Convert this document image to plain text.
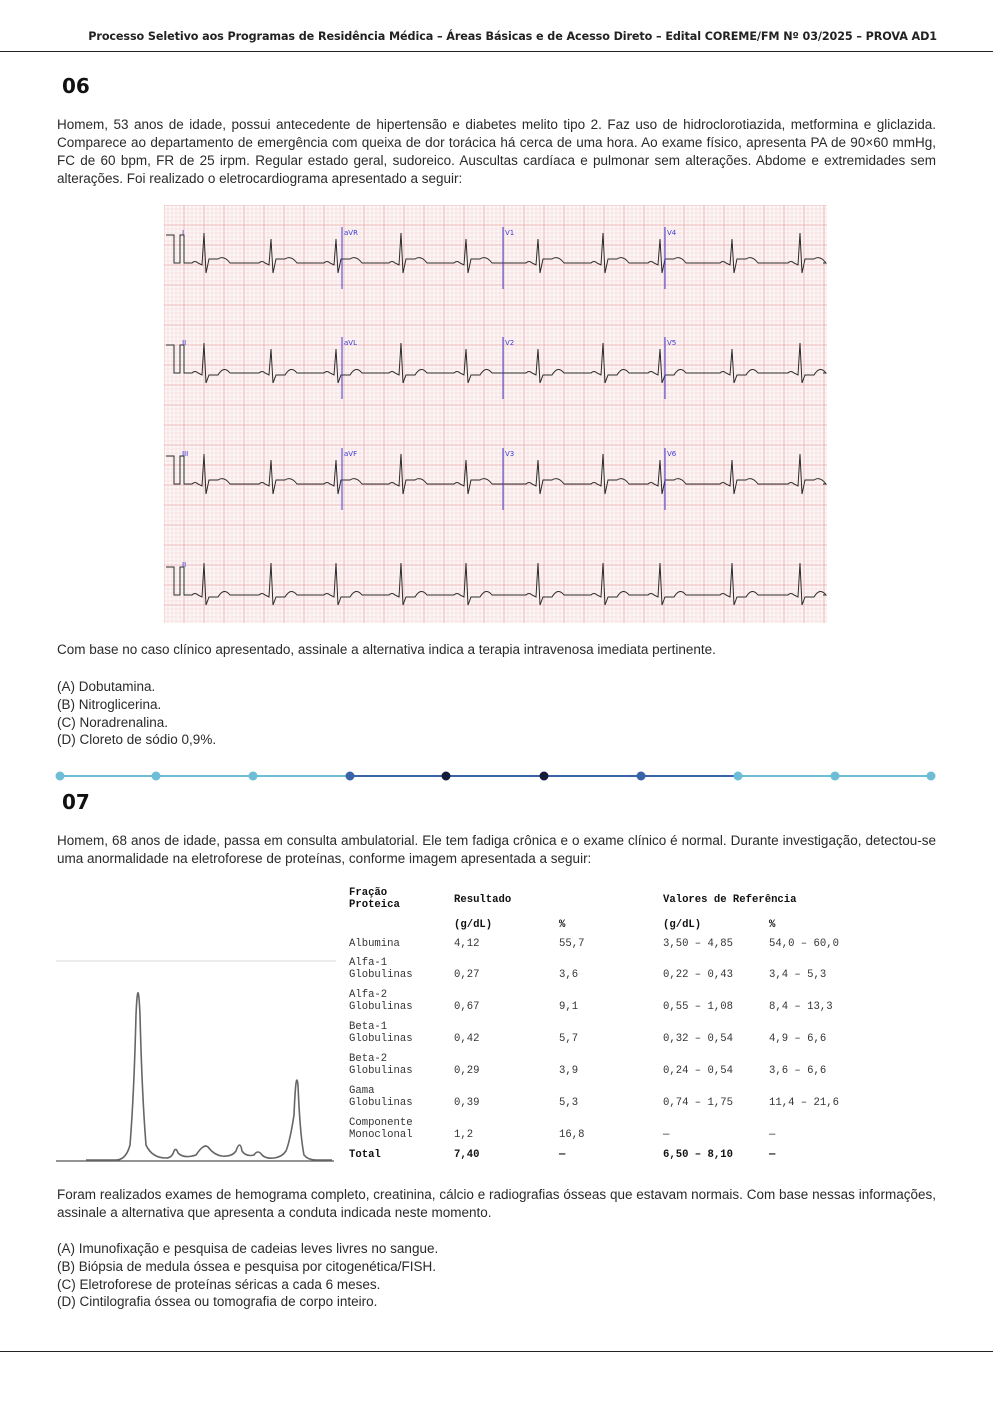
Processo Seletivo aos Programas de Residência Médica – Áreas Básicas e de Acesso Direto – Edital COREME/FM Nº 03/2025 – PROVA AD1
06
Homem, 53 anos de idade, possui antecedente de hipertensão e diabetes melito tipo 2. Faz uso de hidroclorotiazida, metformina e gliclazida. Comparece ao departamento de emergência com queixa de dor torácica há cerca de uma hora. Ao exame físico, apresenta PA de 90×60 mmHg, FC de 60 bpm, FR de 25 irpm. Regular estado geral, sudoreico. Auscultas cardíaca e pulmonar sem alterações. Abdome e extremidades sem alterações. Foi realizado o eletrocardiograma apresentado a seguir:
I	aVR	V1	V4
II	aVL	V2	V5
III	aVF	V3	V6
II
Com base no caso clínico apresentado, assinale a alternativa indica a terapia intravenosa imediata pertinente.
(A) Dobutamina.
(B) Nitroglicerina.
(C) Noradrenalina.
(D) Cloreto de sódio 0,9%.
07
Homem, 68 anos de idade, passa em consulta ambulatorial. Ele tem fadiga crônica e o exame clínico é normal. Durante investigação, detectou-se uma anormalidade na eletroforese de proteínas, conforme imagem apresentada a seguir:
Fração
Proteica	Resultado	Valores de Referência
(g/dL)	%	(g/dL)	%
Albumina	4,12	55,7	3,50 – 4,85	54,0 – 60,0
Alfa-1
Globulinas	0,27	3,6	0,22 – 0,43	3,4 – 5,3
Alfa-2
Globulinas	0,67	9,1	0,55 – 1,08	8,4 – 13,3
Beta-1
Globulinas	0,42	5,7	0,32 – 0,54	4,9 – 6,6
Beta-2
Globulinas	0,29	3,9	0,24 – 0,54	3,6 – 6,6
Gama
Globulinas	0,39	5,3	0,74 – 1,75	11,4 – 21,6
Componente
Monoclonal	1,2	16,8	—	—
Total	7,40	—	6,50 – 8,10	—
Foram realizados exames de hemograma completo, creatinina, cálcio e radiografias ósseas que estavam normais. Com base nessas informações, assinale a alternativa que apresenta a conduta indicada neste momento.
(A) Imunofixação e pesquisa de cadeias leves livres no sangue.
(B) Biópsia de medula óssea e pesquisa por citogenética/FISH.
(C) Eletroforese de proteínas séricas a cada 6 meses.
(D) Cintilografia óssea ou tomografia de corpo inteiro.
